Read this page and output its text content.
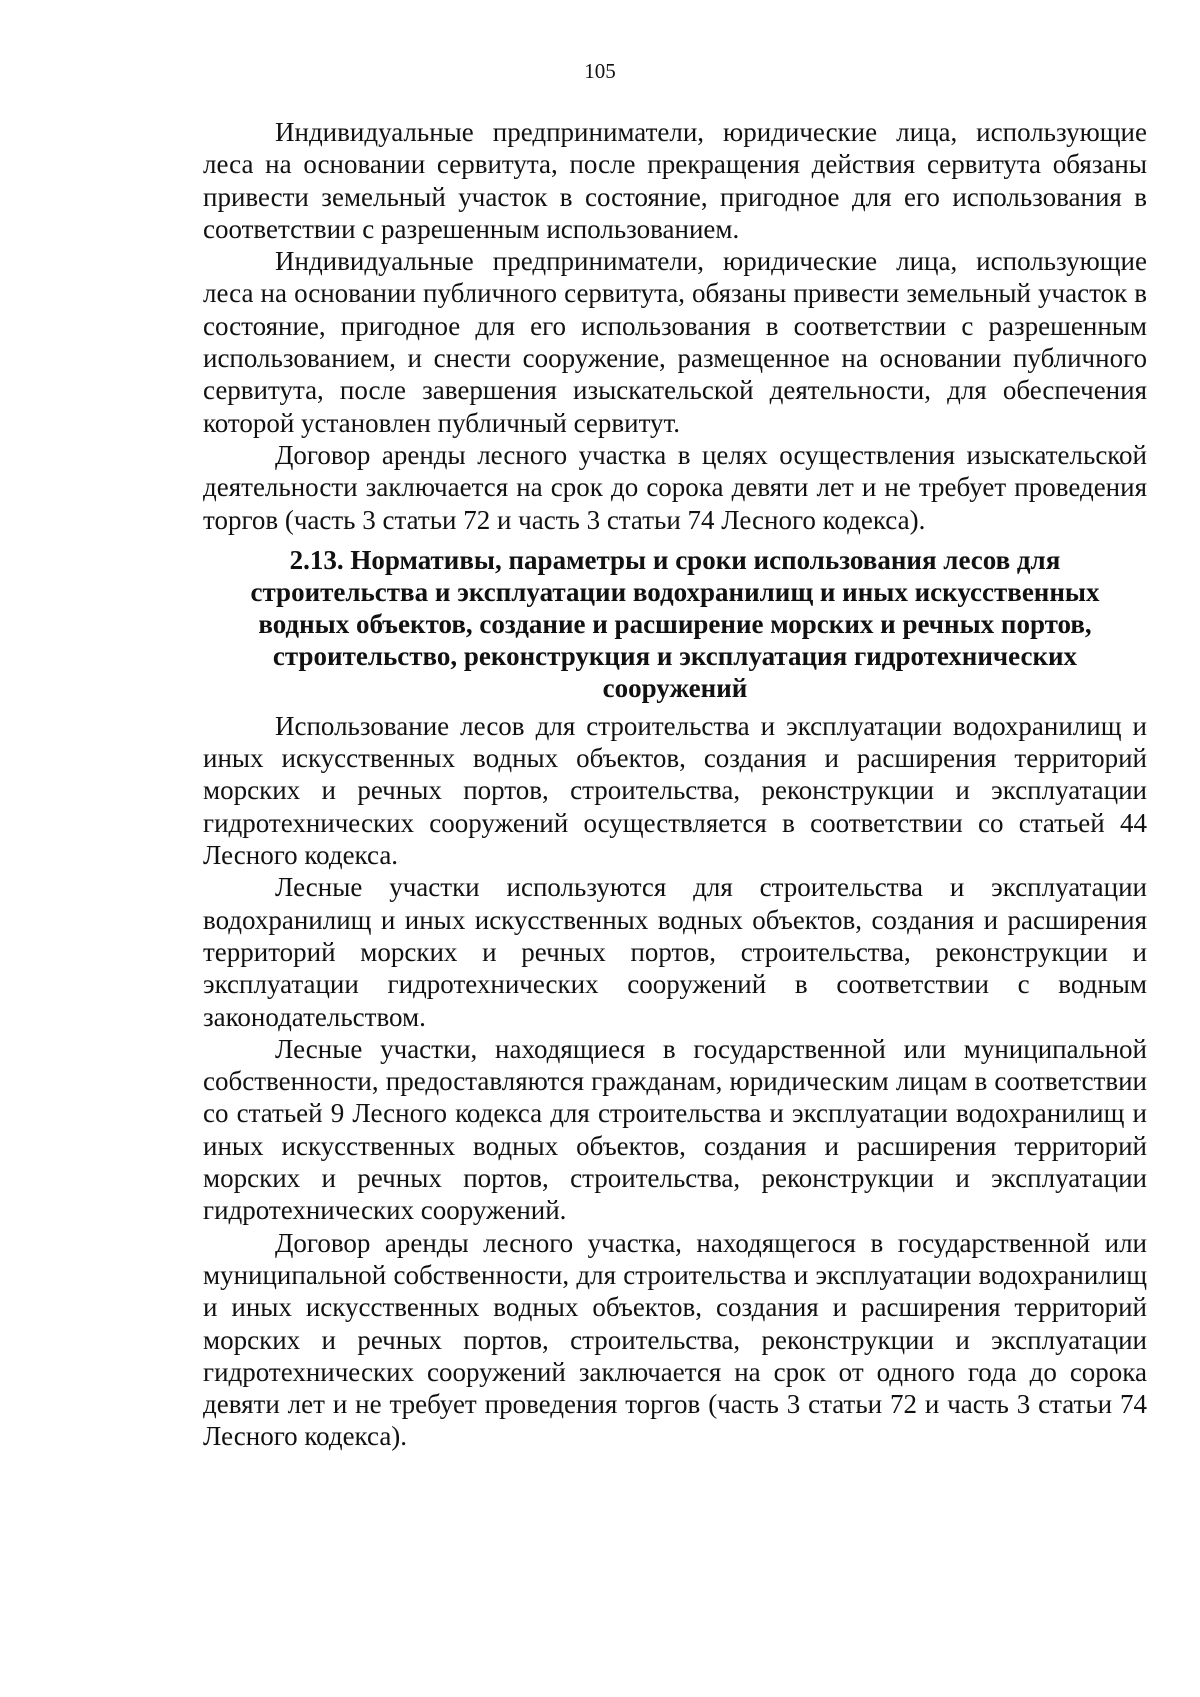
105

Индивидуальные предприниматели, юридические лица, использующие леса на основании сервитута, после прекращения действия сервитута обязаны привести земельный участок в состояние, пригодное для его использования в соответствии с разрешенным использованием.

Индивидуальные предприниматели, юридические лица, использующие леса на основании публичного сервитута, обязаны привести земельный участок в состояние, пригодное для его использования в соответствии с разрешенным использованием, и снести сооружение, размещенное на основании публичного сервитута, после завершения изыскательской деятельности, для обеспечения которой установлен публичный сервитут.

Договор аренды лесного участка в целях осуществления изыскательской деятельности заключается на срок до сорока девяти лет и не требует проведения торгов (часть 3 статьи 72 и часть 3 статьи 74 Лесного кодекса).

2.13. Нормативы, параметры и сроки использования лесов для строительства и эксплуатации водохранилищ и иных искусственных водных объектов, создание и расширение морских и речных портов, строительство, реконструкция и эксплуатация гидротехнических сооружений

Использование лесов для строительства и эксплуатации водохранилищ и иных искусственных водных объектов, создания и расширения территорий морских и речных портов, строительства, реконструкции и эксплуатации гидротехнических сооружений осуществляется в соответствии со статьей 44 Лесного кодекса.

Лесные участки используются для строительства и эксплуатации водохранилищ и иных искусственных водных объектов, создания и расширения территорий морских и речных портов, строительства, реконструкции и эксплуатации гидротехнических сооружений в соответствии с водным законодательством.

Лесные участки, находящиеся в государственной или муниципальной собственности, предоставляются гражданам, юридическим лицам в соответствии со статьей 9 Лесного кодекса для строительства и эксплуатации водохранилищ и иных искусственных водных объектов, создания и расширения территорий морских и речных портов, строительства, реконструкции и эксплуатации гидротехнических сооружений.

Договор аренды лесного участка, находящегося в государственной или муниципальной собственности, для строительства и эксплуатации водохранилищ и иных искусственных водных объектов, создания и расширения территорий морских и речных портов, строительства, реконструкции и эксплуатации гидротехнических сооружений заключается на срок от одного года до сорока девяти лет и не требует проведения торгов (часть 3 статьи 72 и часть 3 статьи 74 Лесного кодекса).
